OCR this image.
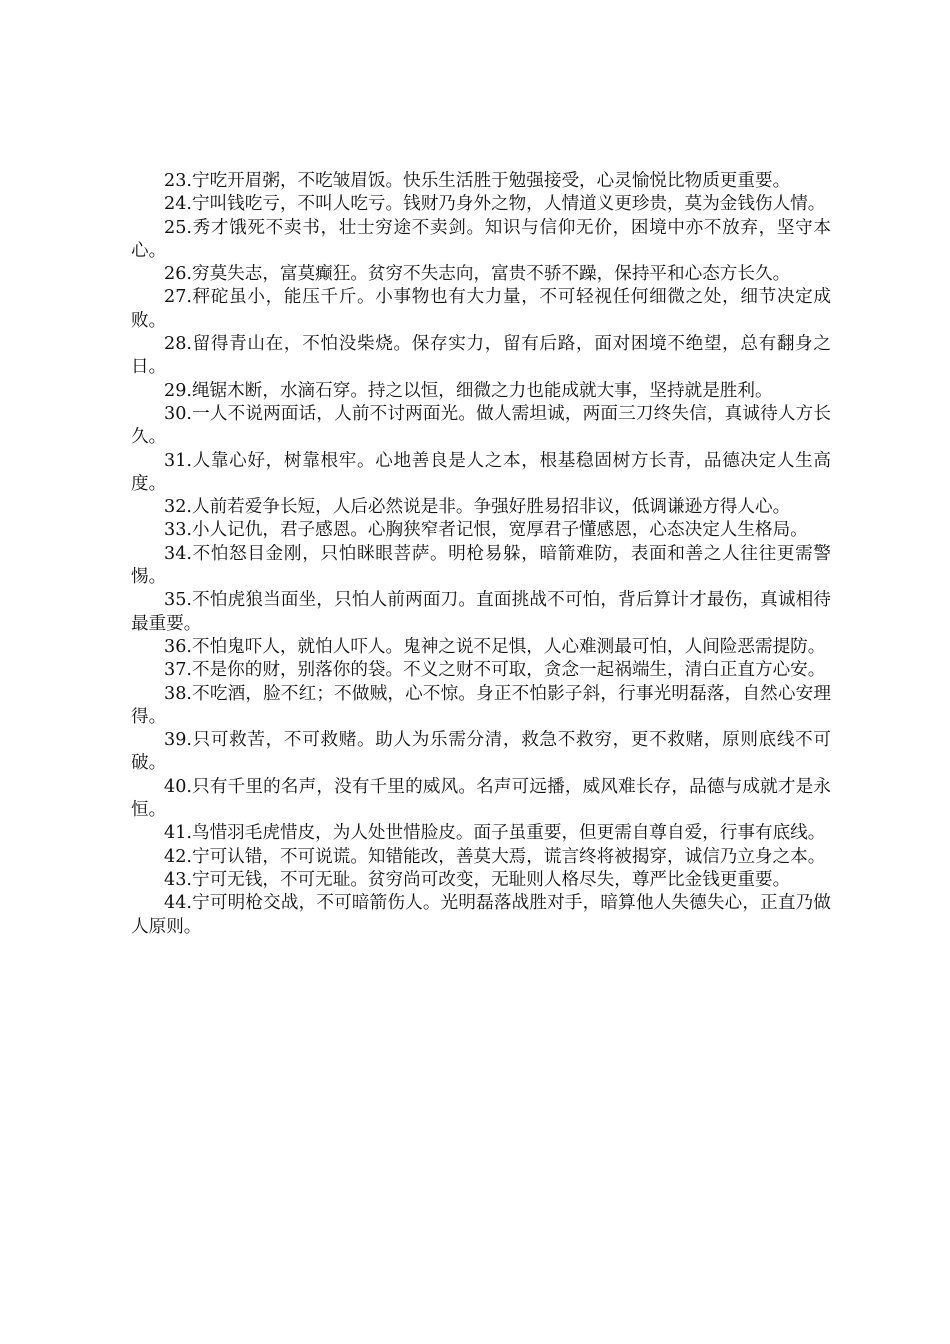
23.宁吃开眉粥，不吃皱眉饭。快乐生活胜于勉强接受，心灵愉悦比物质更重要。

24.宁叫钱吃亏，不叫人吃亏。钱财乃身外之物，人情道义更珍贵，莫为金钱伤人情。

25.秀才饿死不卖书，壮士穷途不卖剑。知识与信仰无价，困境中亦不放弃，坚守本心。

26.穷莫失志，富莫癫狂。贫穷不失志向，富贵不骄不躁，保持平和心态方长久。

27.秤砣虽小，能压千斤。小事物也有大力量，不可轻视任何细微之处，细节决定成败。

28.留得青山在，不怕没柴烧。保存实力，留有后路，面对困境不绝望，总有翻身之日。

29.绳锯木断，水滴石穿。持之以恒，细微之力也能成就大事，坚持就是胜利。

30.一人不说两面话，人前不讨两面光。做人需坦诚，两面三刀终失信，真诚待人方长久。

31.人靠心好，树靠根牢。心地善良是人之本，根基稳固树方长青，品德决定人生高度。

32.人前若爱争长短，人后必然说是非。争强好胜易招非议，低调谦逊方得人心。

33.小人记仇，君子感恩。心胸狭窄者记恨，宽厚君子懂感恩，心态决定人生格局。

34.不怕怒目金刚，只怕眯眼菩萨。明枪易躲，暗箭难防，表面和善之人往往更需警惕。

35.不怕虎狼当面坐，只怕人前两面刀。直面挑战不可怕，背后算计才最伤，真诚相待最重要。

36.不怕鬼吓人，就怕人吓人。鬼神之说不足惧，人心难测最可怕，人间险恶需提防。

37.不是你的财，别落你的袋。不义之财不可取，贪念一起祸端生，清白正直方心安。

38.不吃酒，脸不红；不做贼，心不惊。身正不怕影子斜，行事光明磊落，自然心安理得。

39.只可救苦，不可救赌。助人为乐需分清，救急不救穷，更不救赌，原则底线不可破。

40.只有千里的名声，没有千里的威风。名声可远播，威风难长存，品德与成就才是永恒。

41.鸟惜羽毛虎惜皮，为人处世惜脸皮。面子虽重要，但更需自尊自爱，行事有底线。

42.宁可认错，不可说谎。知错能改，善莫大焉，谎言终将被揭穿，诚信乃立身之本。

43.宁可无钱，不可无耻。贫穷尚可改变，无耻则人格尽失，尊严比金钱更重要。

44.宁可明枪交战，不可暗箭伤人。光明磊落战胜对手，暗算他人失德失心，正直乃做人原则。
